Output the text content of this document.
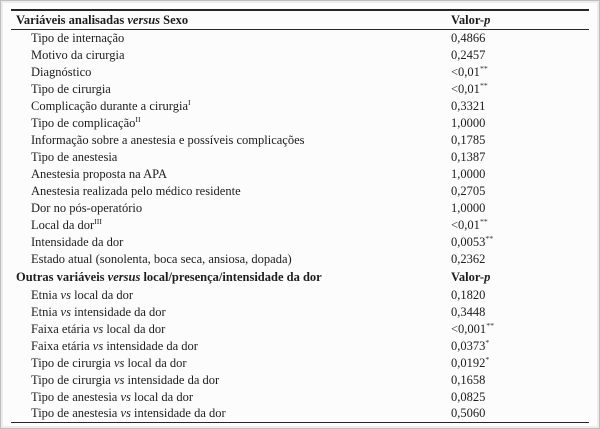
Variáveis analisadas versus Sexo	Valor-p
Tipo de internação	0,4866
Motivo da cirurgia	0,2457
Diagnóstico	<0,01**
Tipo de cirurgia	<0,01**
Complicação durante a cirurgia$^I$	0,3321
Tipo de complicação$^{II}$	1,0000
Informação sobre a anestesia e possíveis complicações	0,1785
Tipo de anestesia	0,1387
Anestesia proposta na APA	1,0000
Anestesia realizada pelo médico residente	0,2705
Dor no pós-operatório	1,0000
Local da dor$^{III}$	<0,01**
Intensidade da dor	0,0053**
Estado atual (sonolenta, boca seca, ansiosa, dopada)	0,2362
Outras variáveis versus local/presença/intensidade da dor	Valor-p
Etnia vs local da dor	0,1820
Etnia vs intensidade da dor	0,3448
Faixa etária vs local da dor	<0,001**
Faixa etária vs intensidade da dor	0,0373*
Tipo de cirurgia vs local da dor	0,0192*
Tipo de cirurgia vs intensidade da dor	0,1658
Tipo de anestesia vs local da dor	0,0825
Tipo de anestesia vs intensidade da dor	0,5060
